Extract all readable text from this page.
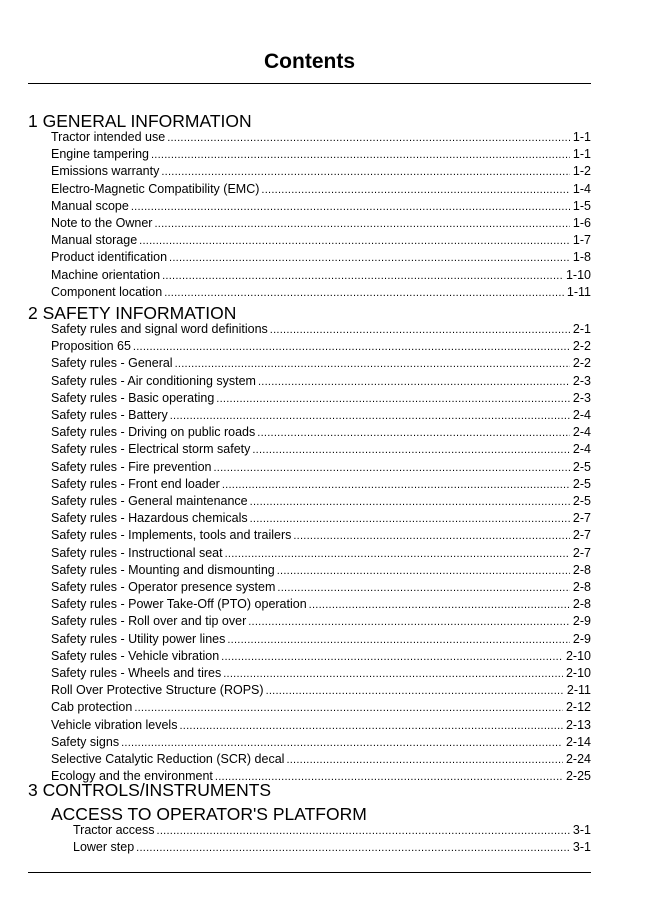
Contents
1 GENERAL INFORMATION
Tractor intended use . . .	1-1
Engine tampering . . .	1-1
Emissions warranty . . .	1-2
Electro-Magnetic Compatibility (EMC) . . .	1-4
Manual scope . . .	1-5
Note to the Owner . . .	1-6
Manual storage . . .	1-7
Product identification . . .	1-8
Machine orientation . . .	1-10
Component location . . .	1-11
2 SAFETY INFORMATION
Safety rules and signal word definitions . . .	2-1
Proposition 65 . . .	2-2
Safety rules - General . . .	2-2
Safety rules - Air conditioning system . . .	2-3
Safety rules - Basic operating . . .	2-3
Safety rules - Battery . . .	2-4
Safety rules - Driving on public roads . . .	2-4
Safety rules - Electrical storm safety . . .	2-4
Safety rules - Fire prevention . . .	2-5
Safety rules - Front end loader . . .	2-5
Safety rules - General maintenance . . .	2-5
Safety rules - Hazardous chemicals . . .	2-7
Safety rules - Implements, tools and trailers . . .	2-7
Safety rules - Instructional seat . . .	2-7
Safety rules - Mounting and dismounting . . .	2-8
Safety rules - Operator presence system . . .	2-8
Safety rules - Power Take-Off (PTO) operation . . .	2-8
Safety rules - Roll over and tip over . . .	2-9
Safety rules - Utility power lines . . .	2-9
Safety rules - Vehicle vibration . . .	2-10
Safety rules - Wheels and tires . . .	2-10
Roll Over Protective Structure (ROPS) . . .	2-11
Cab protection . . .	2-12
Vehicle vibration levels . . .	2-13
Safety signs . . .	2-14
Selective Catalytic Reduction (SCR) decal . . .	2-24
Ecology and the environment . . .	2-25
3 CONTROLS/INSTRUMENTS
ACCESS TO OPERATOR'S PLATFORM
Tractor access . . .	3-1
Lower step . . .	3-1
